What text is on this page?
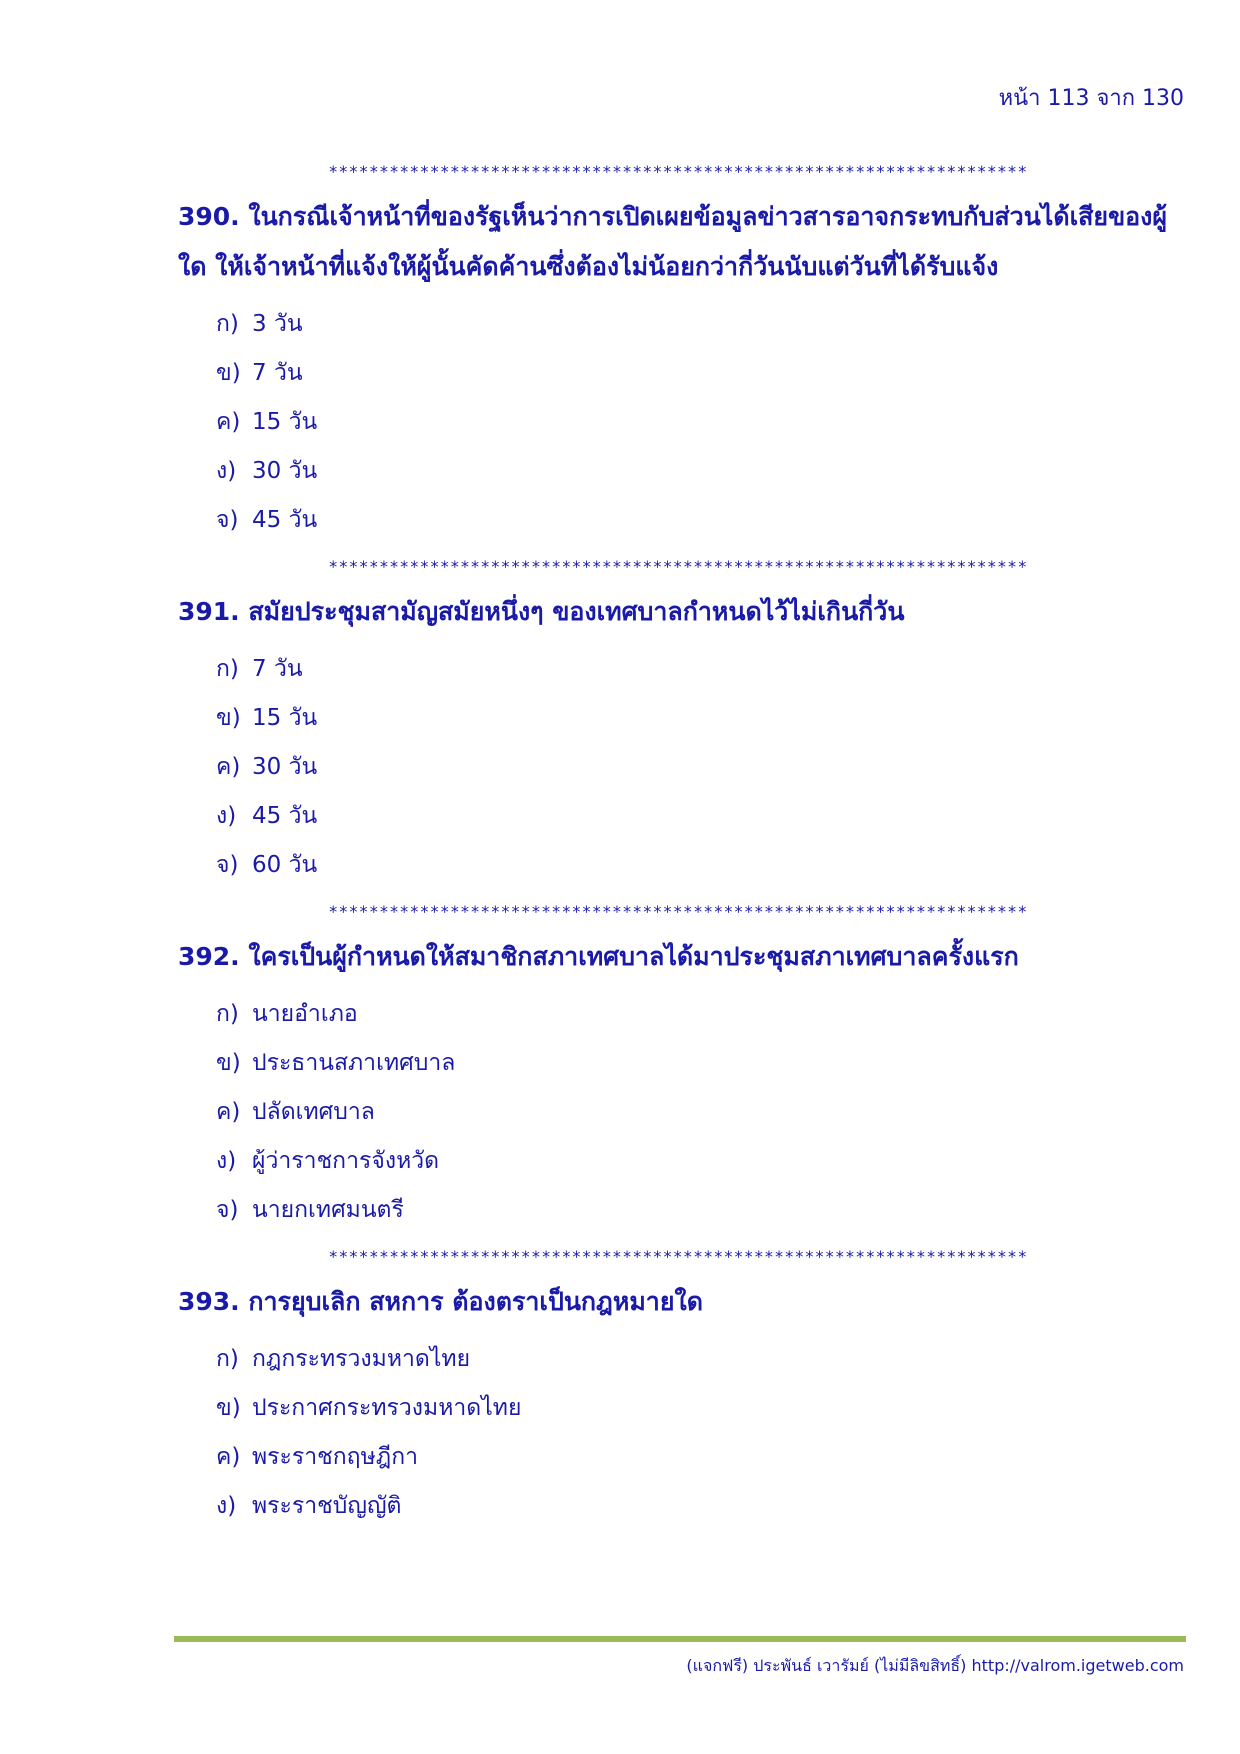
หน้า 113 จาก 130
*********************************************************************
390. ในกรณีเจ้าหน้าที่ของรัฐเห็นว่าการเปิดเผยข้อมูลข่าวสารอาจกระทบกับส่วนได้เสียของผู้ใด ให้เจ้าหน้าที่แจ้งให้ผู้นั้นคัดค้านซึ่งต้องไม่น้อยกว่ากี่วันนับแต่วันที่ได้รับแจ้ง
ก) 3 วัน
ข) 7 วัน
ค) 15 วัน
ง) 30 วัน
จ) 45 วัน
*********************************************************************
391. สมัยประชุมสามัญสมัยหนึ่งๆ ของเทศบาลกำหนดไว้ไม่เกินกี่วัน
ก) 7 วัน
ข) 15 วัน
ค) 30 วัน
ง) 45 วัน
จ) 60 วัน
*********************************************************************
392. ใครเป็นผู้กำหนดให้สมาชิกสภาเทศบาลได้มาประชุมสภาเทศบาลครั้งแรก
ก) นายอำเภอ
ข) ประธานสภาเทศบาล
ค) ปลัดเทศบาล
ง) ผู้ว่าราชการจังหวัด
จ) นายกเทศมนตรี
*********************************************************************
393. การยุบเลิก สหการ ต้องตราเป็นกฎหมายใด
ก) กฎกระทรวงมหาดไทย
ข) ประกาศกระทรวงมหาดไทย
ค) พระราชกฤษฎีกา
ง) พระราชบัญญัติ
(แจกฟรี) ประพันธ์ เวารัมย์ (ไม่มีลิขสิทธิ์) http://valrom.igetweb.com
